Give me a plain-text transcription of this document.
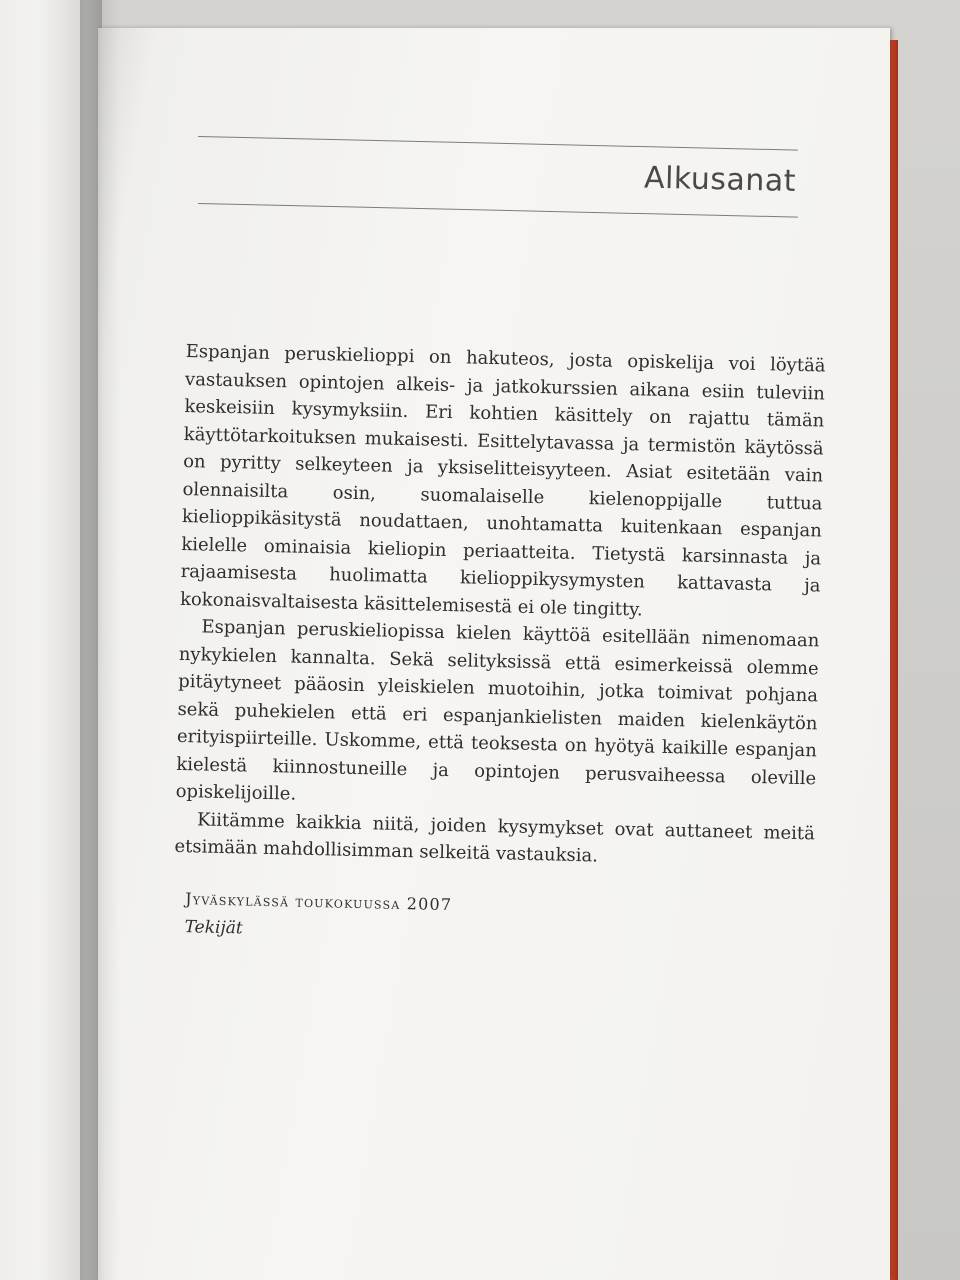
Alkusanat

Espanjan peruskielioppi on hakuteos, josta opiskelija voi löytää vastauksen opintojen alkeis- ja jatkokurssien aikana esiin tuleviin keskeisiin kysymyksiin. Eri kohtien käsittely on rajattu tämän käyttötarkoituksen mukaisesti. Esittelytavassa ja termistön käytössä on pyritty selkeyteen ja yksiselitteisyyteen. Asiat esitetään vain olennaisilta osin, suomalaiselle kielenoppijalle tuttua kielioppikäsitystä noudattaen, unohtamatta kuitenkaan espanjan kielelle ominaisia kieliopin periaatteita. Tietystä karsinnasta ja rajaamisesta huolimatta kielioppikysymysten kattavasta ja kokonaisvaltaisesta käsittelemisestä ei ole tingitty.

Espanjan peruskieliopissa kielen käyttöä esitellään nimenomaan nykykielen kannalta. Sekä selityksissä että esimerkeissä olemme pitäytyneet pääosin yleiskielen muotoihin, jotka toimivat pohjana sekä puhekielen että eri espanjankielisten maiden kielenkäytön erityispiirteille. Uskomme, että teoksesta on hyötyä kaikille espanjan kielestä kiinnostuneille ja opintojen perusvaiheessa oleville opiskelijoille.

Kiitämme kaikkia niitä, joiden kysymykset ovat auttaneet meitä etsimään mahdollisimman selkeitä vastauksia.

Jyväskylässä toukokuussa 2007
Tekijät
